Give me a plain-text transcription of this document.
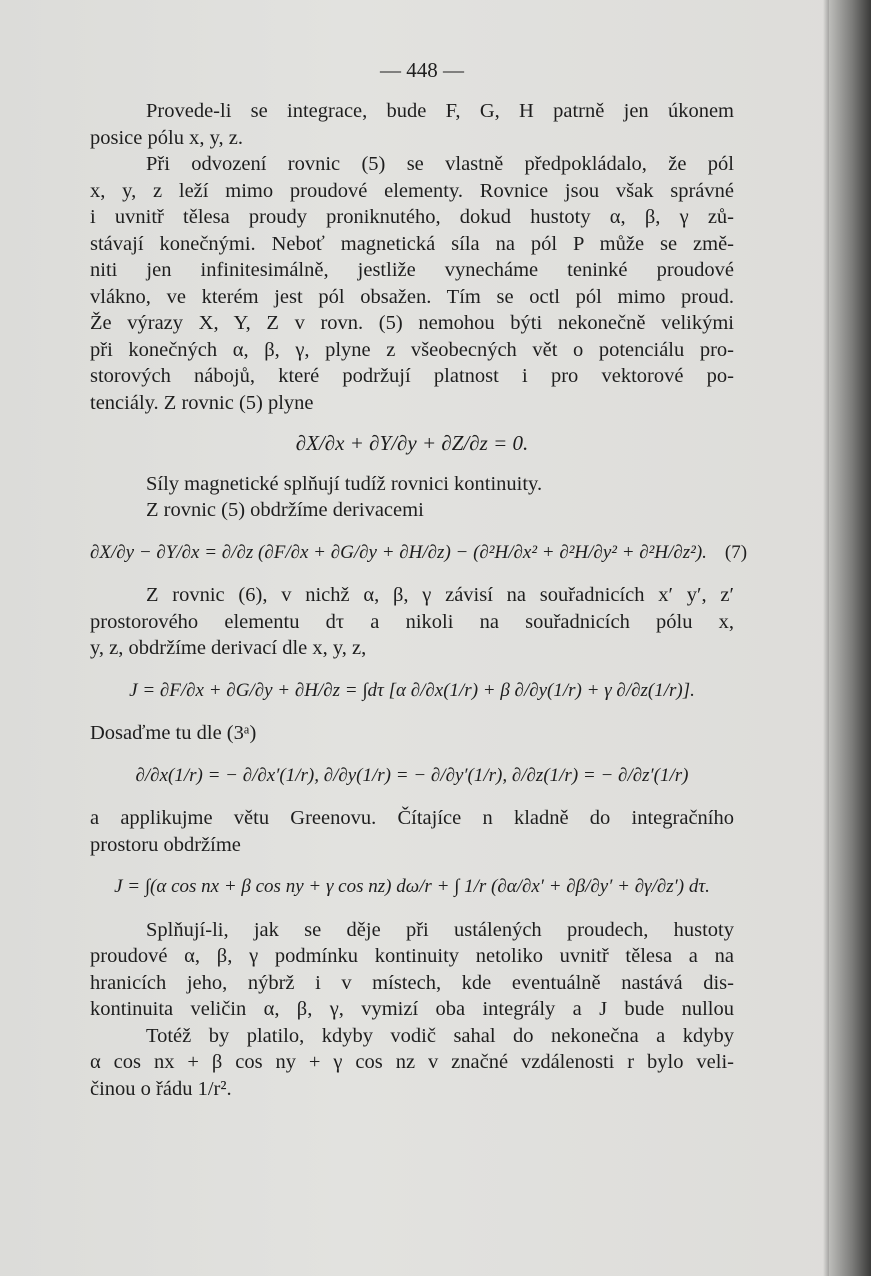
— 448 —
Provede-li se integrace, bude F, G, H patrně jen úkonem
posice pólu x, y, z.
Při odvození rovnic (5) se vlastně předpokládalo, že pól
x, y, z leží mimo proudové elementy. Rovnice jsou však správné
i uvnitř tělesa proudy proniknutého, dokud hustoty α, β, γ zů-
stávají konečnými. Neboť magnetická síla na pól P může se změ-
niti jen infinitesimálně, jestliže vynecháme teninké proudové
vlákno, ve kterém jest pól obsažen. Tím se octl pól mimo proud.
Že výrazy X, Y, Z v rovn. (5) nemohou býti nekonečně velikými
při konečných α, β, γ, plyne z všeobecných vět o potenciálu pro-
storových nábojů, které podržují platnost i pro vektorové po-
tenciály. Z rovnic (5) plyne
∂X/∂x + ∂Y/∂y + ∂Z/∂z = 0.
Síly magnetické splňují tudíž rovnici kontinuity.
Z rovnic (5) obdržíme derivacemi
∂X/∂y − ∂Y/∂x = ∂/∂z (∂F/∂x + ∂G/∂y + ∂H/∂z) − (∂²H/∂x² + ∂²H/∂y² + ∂²H/∂z²). (7)
Z rovnic (6), v nichž α, β, γ závisí na souřadnicích x′ y′, z′
prostorového elementu dτ a nikoli na souřadnicích pólu x,
y, z, obdržíme derivací dle x, y, z,
J = ∂F/∂x + ∂G/∂y + ∂H/∂z = ∫dτ [α ∂/∂x(1/r) + β ∂/∂y(1/r) + γ ∂/∂z(1/r)].
Dosaďme tu dle (3ᵃ)
∂/∂x(1/r) = − ∂/∂x′(1/r), ∂/∂y(1/r) = − ∂/∂y′(1/r), ∂/∂z(1/r) = − ∂/∂z′(1/r)
a applikujme větu Greenovu. Čítajíce n kladně do integračního
prostoru obdržíme
J = ∫(α cos nx + β cos ny + γ cos nz) dω/r + ∫ 1/r (∂α/∂x′ + ∂β/∂y′ + ∂γ/∂z′) dτ.
Splňují-li, jak se děje při ustálených proudech, hustoty
proudové α, β, γ podmínku kontinuity netoliko uvnitř tělesa a na
hranicích jeho, nýbrž i v místech, kde eventuálně nastává dis-
kontinuita veličin α, β, γ, vymizí oba integrály a J bude nullou
Totéž by platilo, kdyby vodič sahal do nekonečna a kdyby
α cos nx + β cos ny + γ cos nz v značné vzdálenosti r bylo veli-
činou o řádu 1/r².
